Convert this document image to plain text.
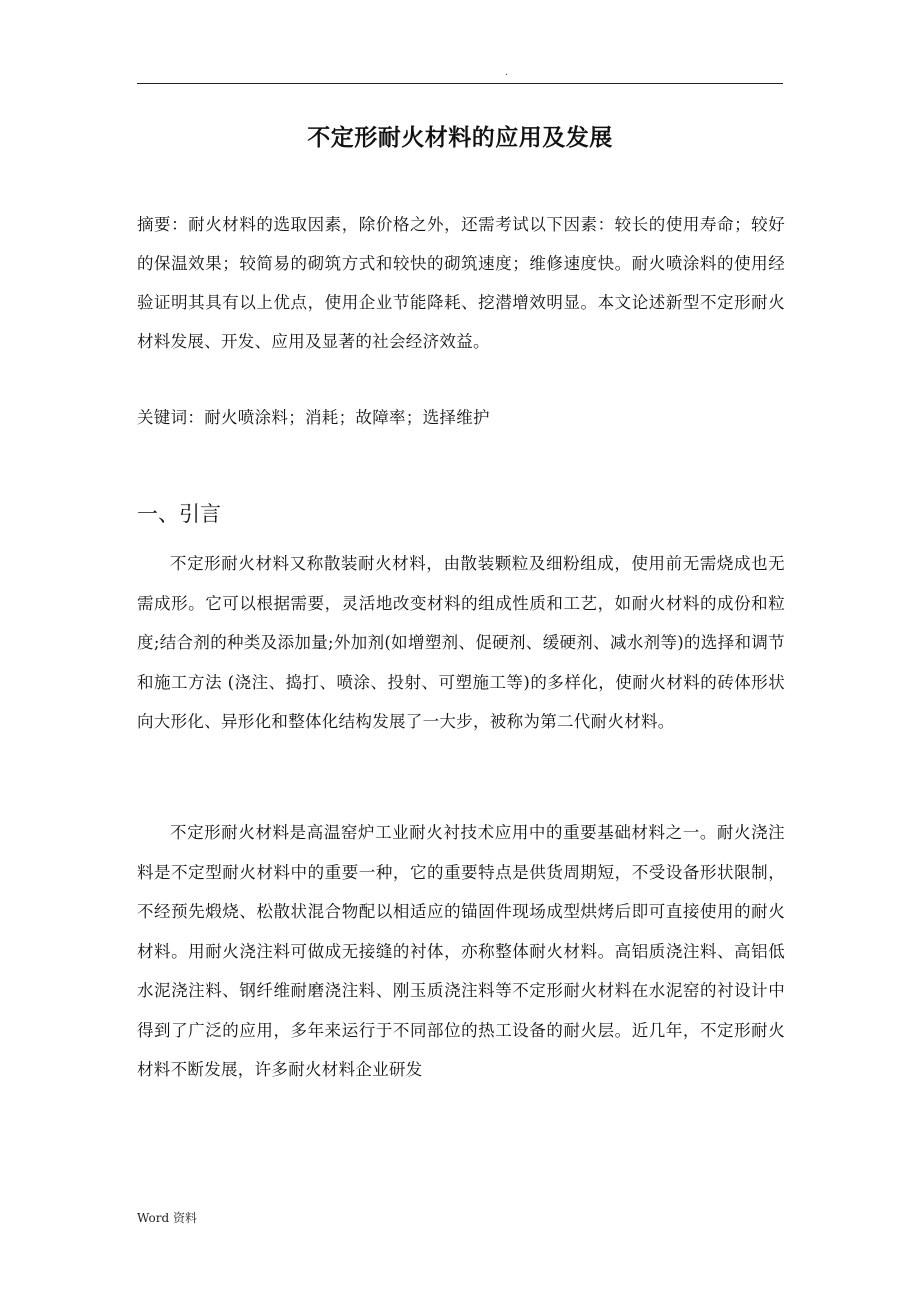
.
不定形耐火材料的应用及发展

摘要：耐火材料的选取因素，除价格之外，还需考试以下因素：较长的使用寿命；较好的保温效果；较简易的砌筑方式和较快的砌筑速度；维修速度快。耐火喷涂料的使用经验证明其具有以上优点，使用企业节能降耗、挖潜增效明显。本文论述新型不定形耐火材料发展、开发、应用及显著的社会经济效益。

关键词：耐火喷涂料；消耗；故障率；选择维护

一、引言

不定形耐火材料又称散装耐火材料，由散装颗粒及细粉组成，使用前无需烧成也无需成形。它可以根据需要，灵活地改变材料的组成性质和工艺，如耐火材料的成份和粒度;结合剂的种类及添加量;外加剂(如增塑剂、促硬剂、缓硬剂、减水剂等)的选择和调节和施工方法 (浇注、捣打、喷涂、投射、可塑施工等)的多样化，使耐火材料的砖体形状向大形化、异形化和整体化结构发展了一大步，被称为第二代耐火材料。

不定形耐火材料是高温窑炉工业耐火衬技术应用中的重要基础材料之一。耐火浇注料是不定型耐火材料中的重要一种，它的重要特点是供货周期短，不受设备形状限制，不经预先煅烧、松散状混合物配以相适应的锚固件现场成型烘烤后即可直接使用的耐火材料。用耐火浇注料可做成无接缝的衬体，亦称整体耐火材料。高铝质浇注料、高铝低水泥浇注料、钢纤维耐磨浇注料、刚玉质浇注料等不定形耐火材料在水泥窑的衬设计中得到了广泛的应用，多年来运行于不同部位的热工设备的耐火层。近几年，不定形耐火材料不断发展，许多耐火材料企业研发

Word 资料
